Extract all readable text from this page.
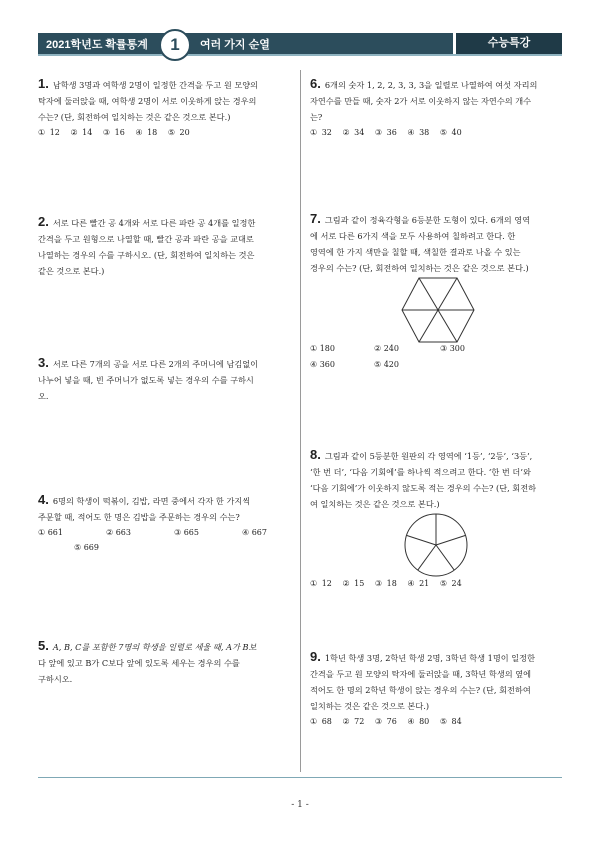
2021학년도 확률통계	1	여러 가지 순열	수능특강
1. 남학생 3명과 여학생 2명이 일정한 간격을 두고 원 모양의
탁자에 둘러앉을 때, 여학생 2명이 서로 이웃하게 앉는 경우의
수는? (단, 회전하여 일치하는 것은 같은 것으로 본다.)
① 12 ② 14 ③ 16 ④ 18 ⑤ 20
2. 서로 다른 빨간 공 4개와 서로 다른 파란 공 4개를 일정한
간격을 두고 원형으로 나열할 때, 빨간 공과 파란 공을 교대로
나열하는 경우의 수를 구하시오. (단, 회전하여 일치하는 것은
같은 것으로 본다.)
3. 서로 다른 7개의 공을 서로 다른 2개의 주머니에 남김없이
나누어 넣을 때, 빈 주머니가 없도록 넣는 경우의 수를 구하시
오.
4. 6명의 학생이 떡볶이, 김밥, 라면 중에서 각자 한 가지씩
주문할 때, 적어도 한 명은 김밥을 주문하는 경우의 수는?
① 661	② 663	③ 665	④ 667
⑤ 669
5. A, B, C를 포함한 7명의 학생을 일렬로 세울 때, A가 B보
다 앞에 있고 B가 C보다 앞에 있도록 세우는 경우의 수를
구하시오.
6. 6개의 숫자 1, 2, 2, 3, 3, 3을 일렬로 나열하여 여섯 자리의
자연수를 만들 때, 숫자 2가 서로 이웃하지 않는 자연수의 개수
는?
① 32 ② 34 ③ 36 ④ 38 ⑤ 40
7. 그림과 같이 정육각형을 6등분한 도형이 있다. 6개의 영역
에 서로 다른 6가지 색을 모두 사용하여 칠하려고 한다. 한
영역에 한 가지 색만을 칠할 때, 색칠한 결과로 나올 수 있는
경우의 수는? (단, 회전하여 일치하는 것은 같은 것으로 본다.)
① 180	② 240	③ 300
④ 360	⑤ 420
8. 그림과 같이 5등분한 원판의 각 영역에 ‘1등’, ‘2등’, ‘3등’,
‘한 번 더’, ‘다음 기회에’를 하나씩 적으려고 한다. ‘한 번 더’와
‘다음 기회에’가 이웃하지 않도록 적는 경우의 수는? (단, 회전하
여 일치하는 것은 같은 것으로 본다.)
① 12 ② 15 ③ 18 ④ 21 ⑤ 24
9. 1학년 학생 3명, 2학년 학생 2명, 3학년 학생 1명이 일정한
간격을 두고 원 모양의 탁자에 둘러앉을 때, 3학년 학생의 옆에
적어도 한 명의 2학년 학생이 앉는 경우의 수는? (단, 회전하여
일치하는 것은 같은 것으로 본다.)
① 68 ② 72 ③ 76 ④ 80 ⑤ 84
- 1 -
